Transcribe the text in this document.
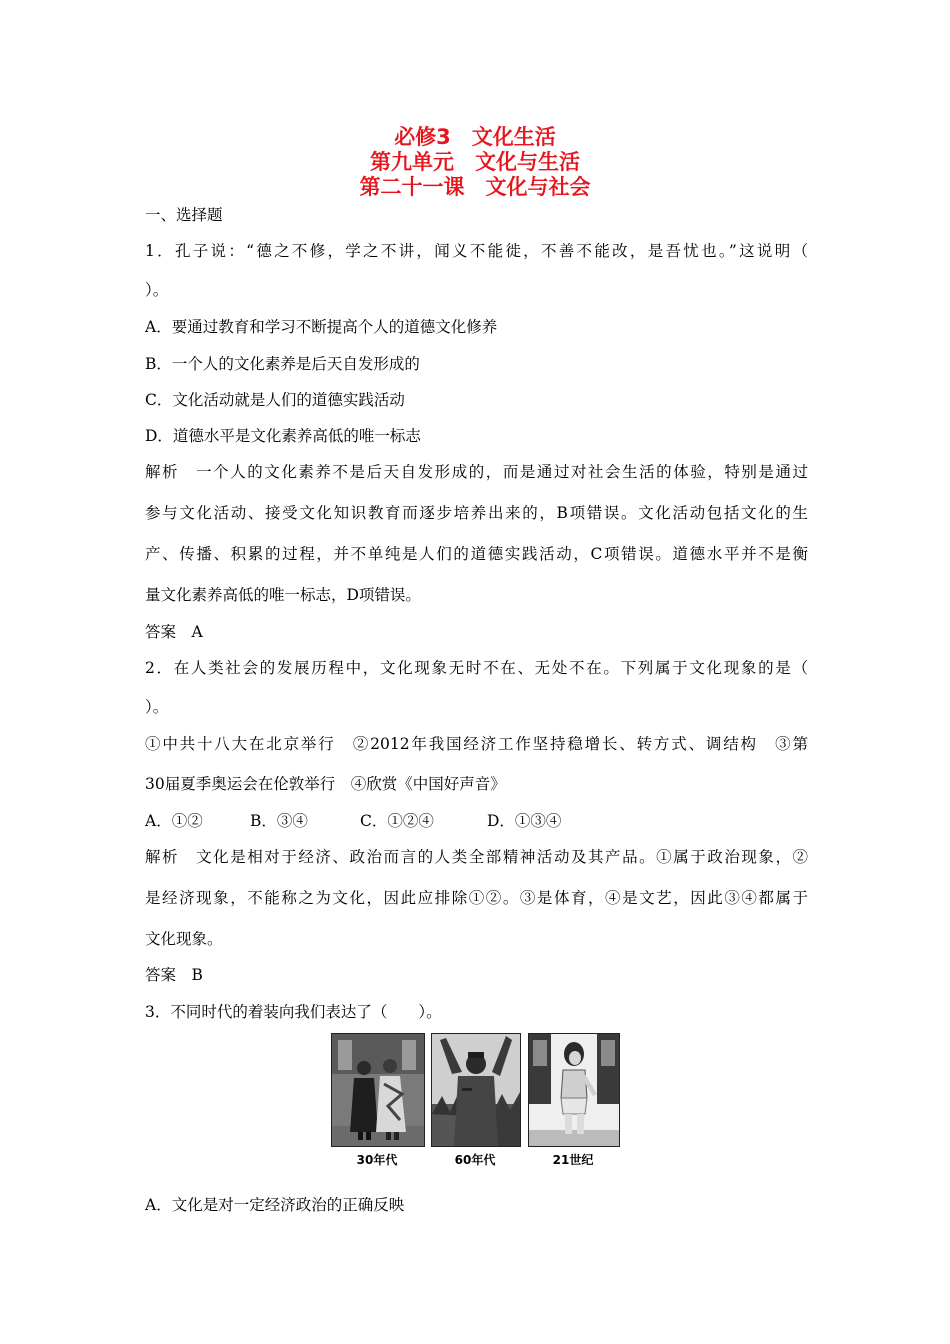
必修3　文化生活
第九单元　文化与生活
第二十一课　文化与社会
一、选择题
1．孔子说：“德之不修，学之不讲，闻义不能徙，不善不能改，是吾忧也。”这说明（
）。
A．要通过教育和学习不断提高个人的道德文化修养
B．一个人的文化素养是后天自发形成的
C．文化活动就是人们的道德实践活动
D．道德水平是文化素养高低的唯一标志
解析　一个人的文化素养不是后天自发形成的，而是通过对社会生活的体验，特别是通过
参与文化活动、接受文化知识教育而逐步培养出来的，B项错误。文化活动包括文化的生
产、传播、积累的过程，并不单纯是人们的道德实践活动，C项错误。道德水平并不是衡
量文化素养高低的唯一标志，D项错误。
答案　A
2．在人类社会的发展历程中，文化现象无时不在、无处不在。下列属于文化现象的是（
）。
①中共十八大在北京举行　②2012年我国经济工作坚持稳增长、转方式、调结构　③第
30届夏季奥运会在伦敦举行　④欣赏《中国好声音》
A．①②	B．③④	C．①②④	D．①③④
解析　文化是相对于经济、政治而言的人类全部精神活动及其产品。①属于政治现象，②
是经济现象，不能称之为文化，因此应排除①②。③是体育，④是文艺，因此③④都属于
文化现象。
答案　B
3．不同时代的着装向我们表达了（　　）。
30年代	60年代	21世纪
A．文化是对一定经济政治的正确反映
